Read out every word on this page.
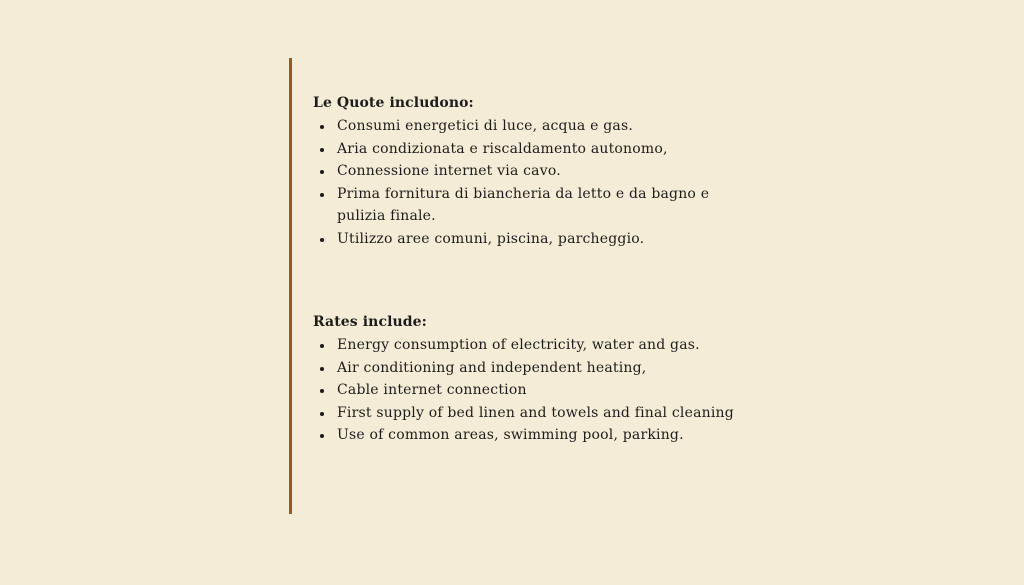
Le Quote includono:
Consumi energetici di luce, acqua e gas.
Aria condizionata e riscaldamento autonomo,
Connessione internet via cavo.
Prima fornitura di biancheria da letto e da bagno e pulizia finale.
Utilizzo aree comuni, piscina, parcheggio.
Rates include:
Energy consumption of electricity, water and gas.
Air conditioning and independent heating,
Cable internet connection
First supply of bed linen and towels and final cleaning
Use of common areas, swimming pool, parking.
